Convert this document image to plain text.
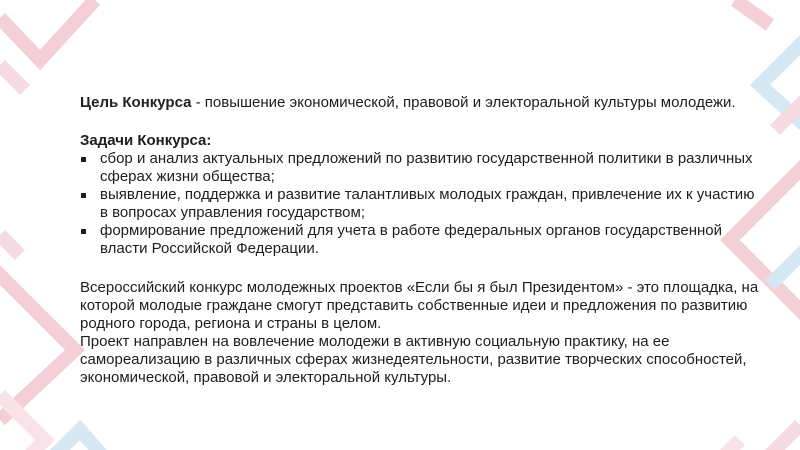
Цель Конкурса - повышение экономической, правовой и электоральной культуры молодежи.

Задачи Конкурса:

сбор и анализ актуальных предложений по развитию государственной политики в различных сферах жизни общества;
выявление, поддержка и развитие талантливых молодых граждан, привлечение их к участию в вопросах управления государством;
формирование предложений для учета в работе федеральных органов государственной власти Российской Федерации.

Всероссийский конкурс молодежных проектов «Если бы я был Президентом» - это площадка, на которой молодые граждане смогут представить собственные идеи и предложения по развитию родного города, региона и страны в целом.

Проект направлен на вовлечение молодежи в активную социальную практику, на ее самореализацию в различных сферах жизнедеятельности, развитие творческих способностей, экономической, правовой и электоральной культуры.
